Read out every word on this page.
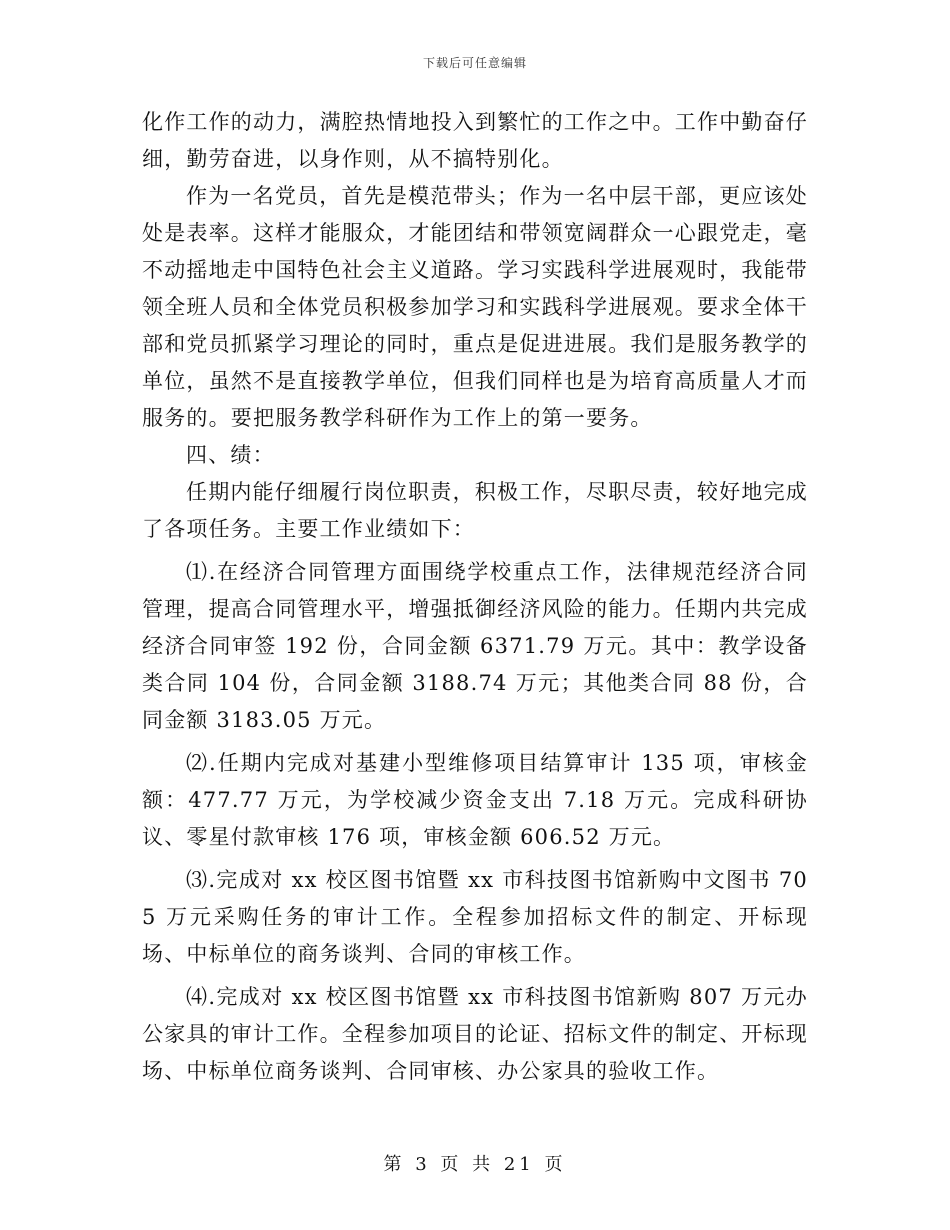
下载后可任意编辑

化作工作的动力，满腔热情地投入到繁忙的工作之中。工作中勤奋仔细，勤劳奋进，以身作则，从不搞特别化。

作为一名党员，首先是模范带头；作为一名中层干部，更应该处处是表率。这样才能服众，才能团结和带领宽阔群众一心跟党走，毫不动摇地走中国特色社会主义道路。学习实践科学进展观时，我能带领全班人员和全体党员积极参加学习和实践科学进展观。要求全体干部和党员抓紧学习理论的同时，重点是促进进展。我们是服务教学的单位，虽然不是直接教学单位，但我们同样也是为培育高质量人才而服务的。要把服务教学科研作为工作上的第一要务。

四、绩：

任期内能仔细履行岗位职责，积极工作，尽职尽责，较好地完成了各项任务。主要工作业绩如下：

⑴.在经济合同管理方面围绕学校重点工作，法律规范经济合同管理，提高合同管理水平，增强抵御经济风险的能力。任期内共完成经济合同审签 192 份，合同金额 6371.79 万元。其中：教学设备类合同 104 份，合同金额 3188.74 万元；其他类合同 88 份，合同金额 3183.05 万元。

⑵.任期内完成对基建小型维修项目结算审计 135 项，审核金额：477.77 万元，为学校减少资金支出 7.18 万元。完成科研协议、零星付款审核 176 项，审核金额 606.52 万元。

⑶.完成对 xx 校区图书馆暨 xx 市科技图书馆新购中文图书 705 万元采购任务的审计工作。全程参加招标文件的制定、开标现场、中标单位的商务谈判、合同的审核工作。

⑷.完成对 xx 校区图书馆暨 xx 市科技图书馆新购 807 万元办公家具的审计工作。全程参加项目的论证、招标文件的制定、开标现场、中标单位商务谈判、合同审核、办公家具的验收工作。

第 3 页 共 21 页
